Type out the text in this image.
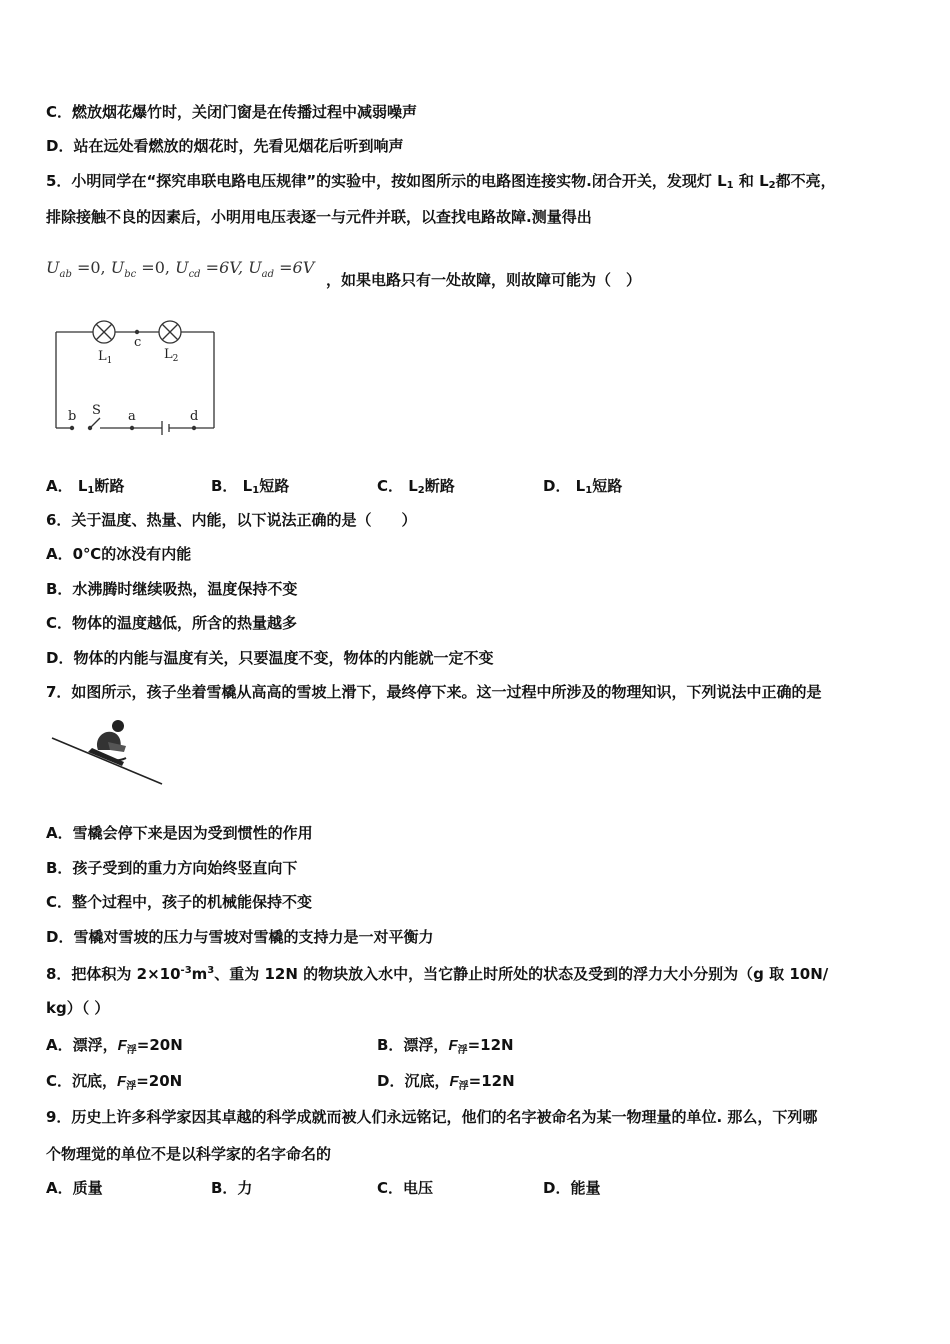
C．燃放烟花爆竹时，关闭门窗是在传播过程中减弱噪声
D．站在远处看燃放的烟花时，先看见烟花后听到响声
5．小明同学在“探究串联电路电压规律”的实验中，按如图所示的电路图连接实物.闭合开关，发现灯 $L_1$ 和 $L_2$都不亮，
排除接触不良的因素后，小明用电压表逐一与元件并联，以查找电路故障.测量得出
$U_{ab} =0$, $U_{bc} =0$, $U_{cd} =6V$, $U_{ad} =6V$
，如果电路只有一处故障，则故障可能为（　）
$L_1$
c
$L_2$
b S a	d
A． $L_1$断路	B． $L_1$短路	C． $L_2$断路	D． $L_1$短路
6．关于温度、热量、内能，以下说法正确的是（　　）
A．0℃的冰没有内能
B．水沸腾时继续吸热，温度保持不变
C．物体的温度越低，所含的热量越多
D．物体的内能与温度有关，只要温度不变，物体的内能就一定不变
7．如图所示，孩子坐着雪橇从高高的雪坡上滑下，最终停下来。这一过程中所涉及的物理知识，下列说法中正确的是
A．雪橇会停下来是因为受到惯性的作用
B．孩子受到的重力方向始终竖直向下
C．整个过程中，孩子的机械能保持不变
D．雪橇对雪坡的压力与雪坡对雪橇的支持力是一对平衡力
8．把体积为 $2\times 10^{-3}m^3$、重为 12N 的物块放入水中，当它静止时所处的状态及受到的浮力大小分别为（g 取 10N/
kg）（ ）
A．漂浮，$F_浮=20N$	B．漂浮，$F_浮=12N$
C．沉底，$F_浮=20N$	D．沉底，$F_浮=12N$
9．历史上许多科学家因其卓越的科学成就而被人们永远铭记，他们的名字被命名为某一物理量的单位. 那么，下列哪
个物理觉的单位不是以科学家的名字命名的
A．质量	B．力	C．电压	D．能量
